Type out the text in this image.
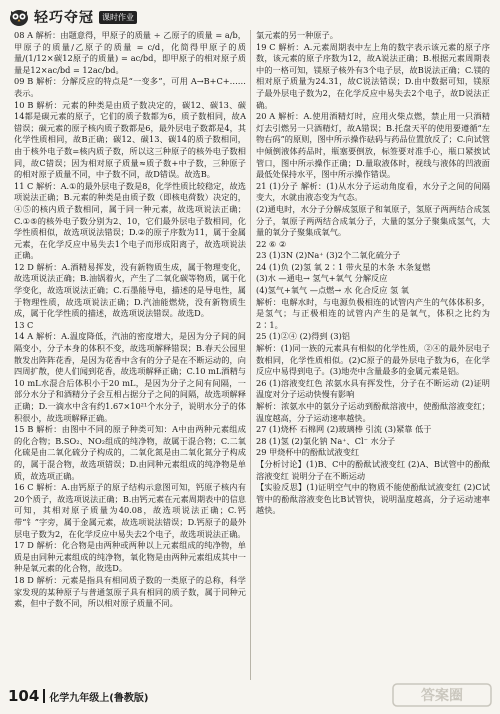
轻巧夺冠	课时作业

08 A 解析：由题意得，甲原子的质量 ÷ 乙原子的质量 = a/b，甲原子的质量/乙原子的质量 = c/d，化简得甲原子的质量/(1/12×碳12原子的质量) = ac/bd，即甲原子的相对原子质量是12×ac/bd = 12ac/bd。

09 B 解析：分解反应的特点是“一变多”，可用 A→B+C+……表示。

10 B 解析：元素的种类是由质子数决定的，碳12、碳13、碳14都是碳元素的原子，它们的质子数都为6，质子数相同，故A错误；碳元素的原子核内质子数都是6，最外层电子数都是4，其化学性质相同，故B正确；碳12、碳13、碳14的质子数相同，由于核外电子数=核内质子数，所以这三种原子的核外电子数相同，故C错误；因为相对原子质量≈质子数+中子数，三种原子的相对原子质量不同，中子数不同，故D错误。故选B。

11 C 解析：A.①的最外层电子数是8，化学性质比较稳定，故选项说法正确；B.元素的种类是由质子数（即核电荷数）决定的，④⑤的核内质子数相同，属于同一种元素，故选项说法正确；C.①⑤的核外电子数分别为2、10，它们最外层电子数相同，化学性质相似，故选项说法错误；D.②的原子序数为11，属于金属元素，在化学反应中易失去1个电子而形成阳离子，故选项说法正确。

12 D 解析：A.酒精易挥发，没有新物质生成，属于物理变化，故选项说法正确；B.油锅着火，产生了二氧化碳等物质，属于化学变化，故选项说法正确；C.石墨能导电，描述的是导电性，属于物理性质，故选项说法正确；D.汽油能燃烧，没有新物质生成，属于化学性质的描述，故选项说法错误。故选D。

13 C

14 A 解析：A.温度降低，汽油的密度增大，是因为分子间的间隔变小，分子本身的体积不变，故选项解释错误；B.春天公园里散发出阵阵花香，是因为花香中含有的分子是在不断运动的，向四周扩散，使人们闻到花香，故选项解释正确；C.10 mL酒精与10 mL水混合后体积小于20 mL，是因为分子之间有间隔，一部分水分子和酒精分子会互相占据分子之间的间隔，故选项解释正确；D.一滴水中含有约1.67×10²¹个水分子，说明水分子的体积很小，故选项解释正确。

15 B 解析：由图中不同的原子种类可知：A中由两种元素组成的化合物；B.SO₂、NO₂组成的纯净物，故属于混合物；C.二氧化硫是由二氧化硫分子构成的，二氧化氮是由二氧化氮分子构成的，属于混合物，故选项错误；D.由同种元素组成的纯净物是单质，故选项正确。

16 C 解析：A.由钙原子的原子结构示意图可知，钙原子核内有20个质子，故选项说法正确；B.由钙元素在元素周期表中的信息可知，其相对原子质量为40.08，故选项说法正确；C.钙带“钅”字旁，属于金属元素，故选项说法错误；D.钙原子的最外层电子数为2，在化学反应中易失去2个电子，故选项说法正确。

17 D 解析：化合物是由两种或两种以上元素组成的纯净物，单质是由同种元素组成的纯净物，氧化物是由两种元素组成其中一种是氧元素的化合物，故选D。

18 D 解析：元素是指具有相同质子数的一类原子的总称，科学家发现的某种原子与普通氢原子具有相同的质子数，属于同种元素，但中子数不同，所以相对原子质量不同。

氯元素的另一种原子。

19 C 解析：A.元素周期表中左上角的数字表示该元素的原子序数，该元素的原子序数为12，故A说法正确；B.根据元素周期表中的一格可知，镁原子核外有3个电子层，故B说法正确；C.镁的相对原子质量为24.31，故C说法错误；D.由中数据可知，镁原子最外层电子数为2，在化学反应中易失去2个电子，故D说法正确。

20 A 解析：A.使用酒精灯时，应用火柴点燃，禁止用一只酒精灯去引燃另一只酒精灯，故A错误；B.托盘天平的使用要遵循“左物右码”的原则，图中所示操作砝码与药品位置放反了；C.向试管中倾倒液体药品时，瓶塞要倒放，标签要对准手心，瓶口紧挨试管口，图中所示操作正确；D.量取液体时，视线与液体的凹液面最低处保持水平，图中所示操作错误。

21 (1)分子 解析：(1)从水分子运动角度看，水分子之间的间隔变大，水就由液态变为气态。

(2)通电时，水分子分解成氢原子和氧原子，氢原子两两结合成氢分子，氧原子两两结合成氧分子，大量的氢分子聚集成氢气，大量的氧分子聚集成氧气。

22 ⑥ ②

23 (1)3N (2)Na⁺ (3)2个二氧化硫分子

24 (1)负 (2)氢 氧 2∶1 带火星的木条 木条复燃

(3)水 —通电→ 氢气+氧气 分解反应

(4)氢气+氧气 —点燃→ 水 化合反应 氢 氧

解析：电解水时，与电源负极相连的试管内产生的气体体积多，是氢气；与正极相连的试管内产生的是氧气，体积之比约为2∶1。

25 (1)②④ (2)得到 (3)铝

解析：(1)同一族的元素具有相似的化学性质，②④的最外层电子数相同，化学性质相似。(2)C原子的最外层电子数为6，在化学反应中易得到电子。(3)地壳中含量最多的金属元素是铝。

26 (1)溶液变红色 浓氨水具有挥发性，分子在不断运动 (2)证明温度对分子运动快慢有影响

解析：浓氨水中的氨分子运动到酚酞溶液中，使酚酞溶液变红；温度越高，分子运动速率越快。

27 (1)烧杯 石棉网 (2)玻璃棒 引流 (3)紧靠 低于

28 (1)氢 (2)氯化钠 Na⁺、Cl⁻ 水分子

29 甲烧杯中的酚酞试液变红

【分析讨论】(1)B、C中的酚酞试液变红 (2)A、B试管中的酚酞溶液变红 说明分子在不断运动

【实验反思】(1)证明空气中的物质不能使酚酞试液变红 (2)C试管中的酚酞溶液变色比B试管快，说明温度越高，分子运动速率越快。

104 化学九年级上(鲁教版)	答案圈
